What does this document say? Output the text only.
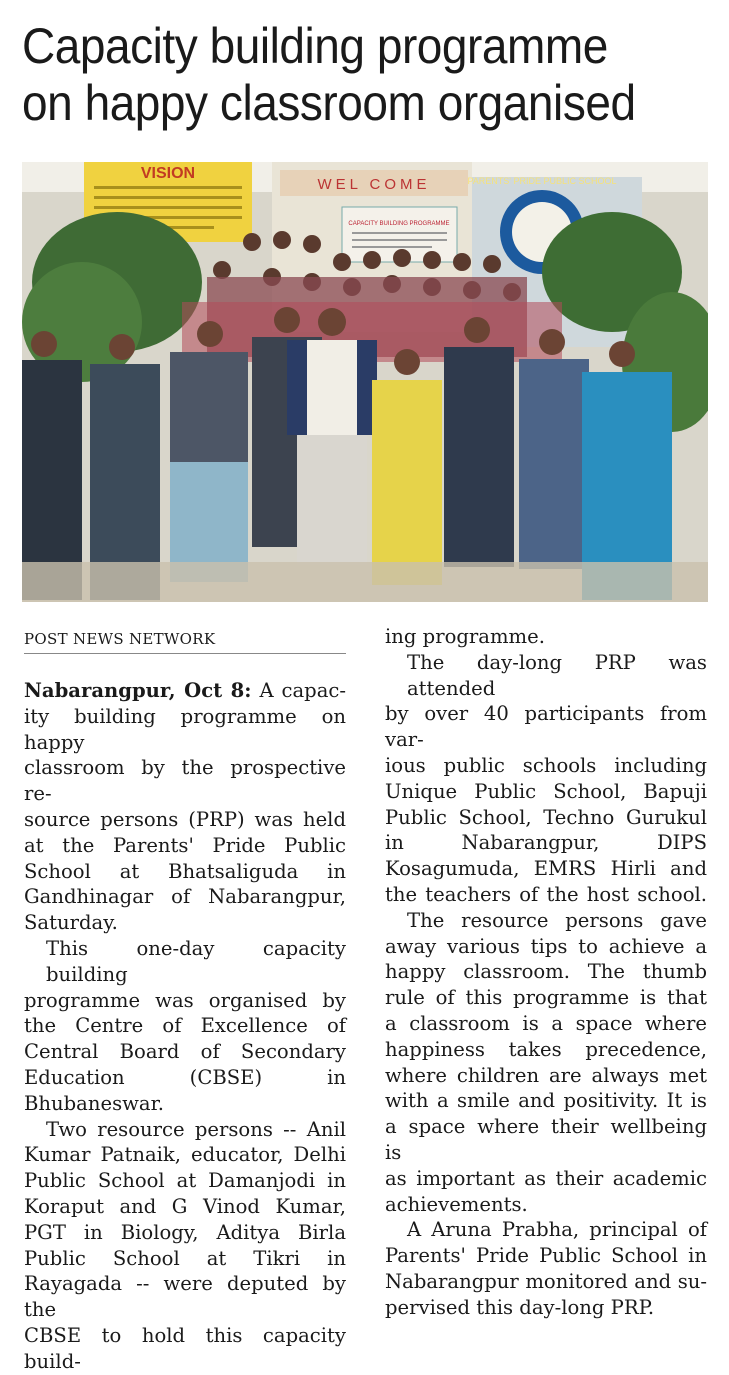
Capacity building programme
on happy classroom organised
VISION
WEL COME	PARENTS' PRIDE PUBLIC SCHOOL
CAPACITY BUILDING PROGRAMME
POST NEWS NETWORK

Nabarangpur, Oct 8: A capac-
ity building programme on happy
classroom by the prospective re-
source persons (PRP) was held
at the Parents' Pride Public
School at Bhatsaliguda in
Gandhinagar of Nabarangpur,
Saturday.

This one-day capacity building
programme was organised by
the Centre of Excellence of
Central Board of Secondary
Education (CBSE) in
Bhubaneswar.

Two resource persons -- Anil
Kumar Patnaik, educator, Delhi
Public School at Damanjodi in
Koraput and G Vinod Kumar,
PGT in Biology, Aditya Birla
Public School at Tikri in
Rayagada -- were deputed by the
CBSE to hold this capacity build-

ing programme.

The day-long PRP was attended
by over 40 participants from var-
ious public schools including
Unique Public School, Bapuji
Public School, Techno Gurukul
in Nabarangpur, DIPS
Kosagumuda, EMRS Hirli and
the teachers of the host school.

The resource persons gave
away various tips to achieve a
happy classroom. The thumb
rule of this programme is that
a classroom is a space where
happiness takes precedence,
where children are always met
with a smile and positivity. It is
a space where their wellbeing is
as important as their academic
achievements.

A Aruna Prabha, principal of
Parents' Pride Public School in
Nabarangpur monitored and su-
pervised this day-long PRP.
